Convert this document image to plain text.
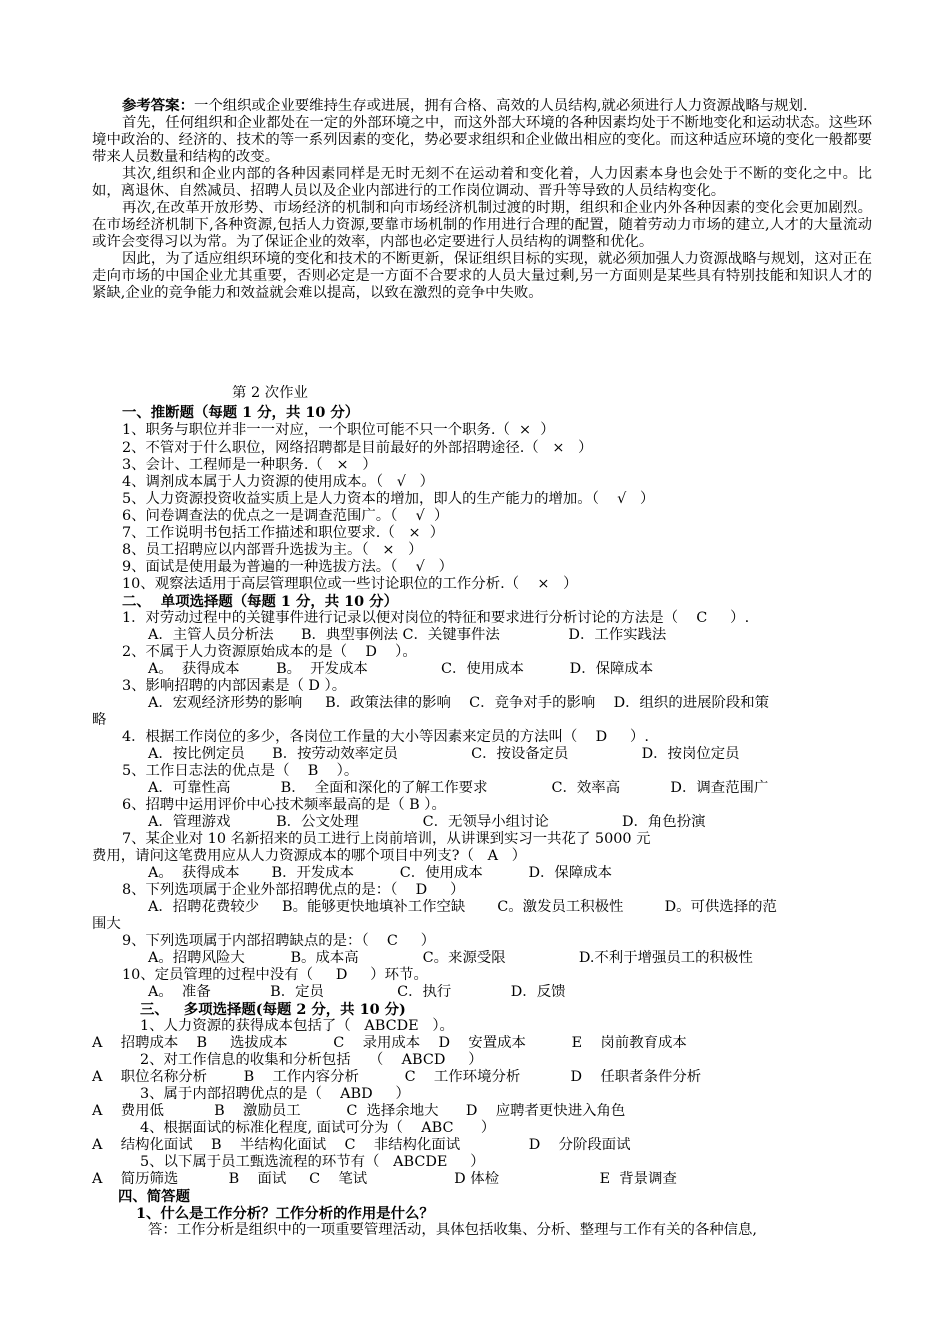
参考答案：一个组织或企业要维持生存或进展，拥有合格、高效的人员结构,就必须进行人力资源战略与规划.

首先，任何组织和企业都处在一定的外部环境之中，而这外部大环境的各种因素均处于不断地变化和运动状态。这些环境中政治的、经济的、技术的等一系列因素的变化，势必要求组织和企业做出相应的变化。而这种适应环境的变化一般都要带来人员数量和结构的改变。

其次,组织和企业内部的各种因素同样是无时无刻不在运动着和变化着，人力因素本身也会处于不断的变化之中。比如，离退休、自然减员、招聘人员以及企业内部进行的工作岗位调动、晋升等导致的人员结构变化。

再次,在改革开放形势、市场经济的机制和向市场经济机制过渡的时期，组织和企业内外各种因素的变化会更加剧烈。在市场经济机制下,各种资源,包括人力资源,要靠市场机制的作用进行合理的配置，随着劳动力市场的建立,人才的大量流动或许会变得习以为常。为了保证企业的效率，内部也必定要进行人员结构的调整和优化。

因此，为了适应组织环境的变化和技术的不断更新，保证组织目标的实现，就必须加强人力资源战略与规划，这对正在走向市场的中国企业尤其重要，否则必定是一方面不合要求的人员大量过剩,另一方面则是某些具有特别技能和知识人才的紧缺,企业的竞争能力和效益就会难以提高，以致在激烈的竞争中失败。

第 2 次作业
一、推断题（每题 1 分，共 10 分）
1、职务与职位并非一一对应，一个职位可能不只一个职务.（  ×  ）
2、不管对于什么职位，网络招聘都是目前最好的外部招聘途径.（   ×   ）
3、会计、工程师是一种职务.（   ×   ）
4、调剂成本属于人力资源的使用成本。（   √   ）
5、人力资源投资收益实质上是人力资本的增加，即人的生产能力的增加。（    √   ）
6、问卷调查法的优点之一是调查范围广。（    √  ）
7、工作说明书包括工作描述和职位要求.（   ×  ）
8、员工招聘应以内部晋升选拔为主。（   ×   ）
9、面试是使用最为普遍的一种选拔方法。（    √   ）
10、观察法适用于高层管理职位或一些讨论职位的工作分析.（    ×   ）
二、  单项选择题（每题 1 分，共 10 分）
1．对劳动过程中的关键事件进行记录以便对岗位的特征和要求进行分析讨论的方法是（    C     ）.
A．主管人员分析法      B．典型事例法 C．关键事件法               D．工作实践法
2、不属于人力资源原始成本的是（    D    ）。
A。  获得成本        B。  开发成本                C．使用成本          D．保障成本
3、影响招聘的内部因素是（ D ）。
A．宏观经济形势的影响     B．政策法律的影响    C．竞争对手的影响    D．组织的进展阶段和策
略
4．根据工作岗位的多少，各岗位工作量的大小等因素来定员的方法叫（    D     ）.
A．按比例定员      B．按劳动效率定员                C．按设备定员                D．按岗位定员
5、工作日志法的优点是（    B    ）。
A．可靠性高           B．  全面和深化的了解工作要求              C．效率高           D．调查范围广
6、招聘中运用评价中心技术频率最高的是（ B ）。
A．管理游戏          B．公文处理              C．无领导小组讨论                D．角色扮演
7、某企业对 10 名新招来的员工进行上岗前培训，从讲课到实习一共花了 5000 元
费用，请问这笔费用应从人力资源成本的哪个项目中列支?（   A   ）
A。  获得成本       B．开发成本          C．使用成本          D．保障成本
8、下列选项属于企业外部招聘优点的是：（    D     ）
A．招聘花费较少     B。能够更快地填补工作空缺       C。激发员工积极性         D。可供选择的范
围大
9、下列选项属于内部招聘缺点的是：（    C     ）
A。招聘风险大          B。成本高              C。来源受限                D.不利于增强员工的积极性
10、定员管理的过程中没有（     D     ）环节。
A。  准备             B．定员                C．执行             D．反馈
三、   多项选择题(每题 2 分，共 10 分)
1、人力资源的获得成本包括了（   ABCDE   ）。
A    招聘成本    B     选拔成本          C    录用成本    D    安置成本          E    岗前教育成本
2、对工作信息的收集和分析包括    （    ABCD     ）
A    职位名称分析        B    工作内容分析          C    工作环境分析           D    任职者条件分析
3、属于内部招聘优点的是（    ABD     ）
A    费用低           B    激励员工          C  选择余地大      D    应聘者更快进入角色
4、根据面试的标准化程度, 面试可分为（    ABC      ）
A    结构化面试    B    半结构化面试    C    非结构化面试               D    分阶段面试
5、以下属于员工甄选流程的环节有（   ABCDE     ）
A    简历筛选           B    面试     C    笔试                   D 体检                      E  背景调查
四、简答题
1、什么是工作分析？工作分析的作用是什么？
答：工作分析是组织中的一项重要管理活动，具体包括收集、分析、整理与工作有关的各种信息,
